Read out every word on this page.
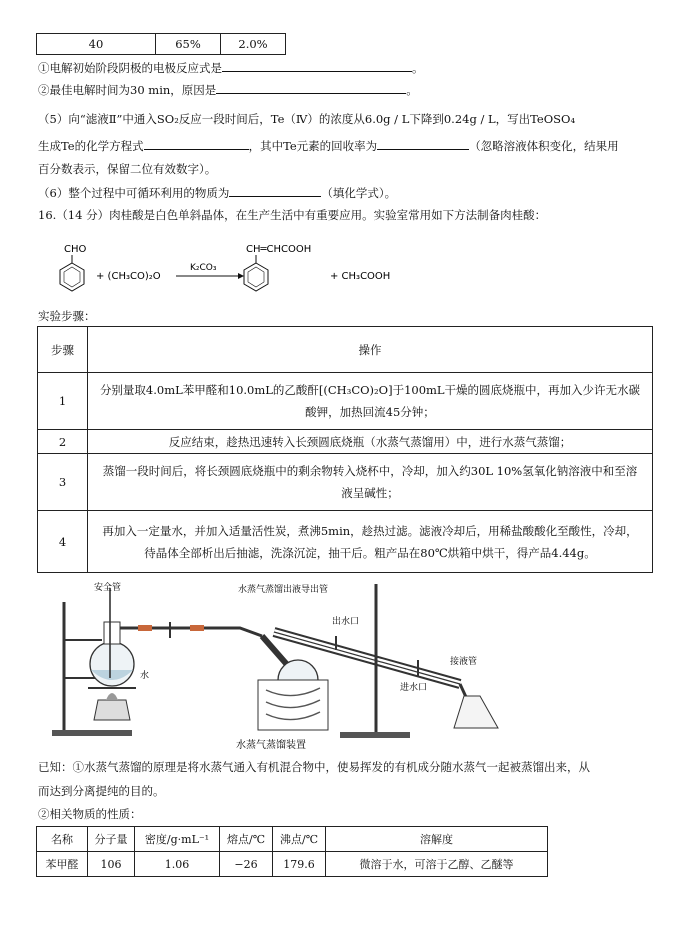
40	65%	2.0%
①电解初始阶段阴极的电极反应式是	。
②最佳电解时间为30 min，原因是	。
（5）向“滤液Ⅱ”中通入SO₂反应一段时间后，Te（Ⅳ）的浓度从6.0g / L下降到0.24g / L，写出TeOSO₄
生成Te的化学方程式	，其中Te元素的回收率为	（忽略溶液体积变化，结果用
百分数表示，保留二位有效数字）。
（6）整个过程中可循环利用的物质为	（填化学式）。
16.（14 分）肉桂酸是白色单斜晶体，在生产生活中有重要应用。实验室常用如下方法制备肉桂酸：
CHO
+ (CH₃CO)₂O
K₂CO₃
CH═CHCOOH
+ CH₃COOH
实验步骤：
步骤	操作
1	分别量取4.0mL苯甲醛和10.0mL的乙酸酐[(CH₃CO)₂O]于100mL干燥的圆底烧瓶中，再加入少许无水碳酸钾，加热回流45分钟；
2	反应结束，趁热迅速转入长颈圆底烧瓶（水蒸气蒸馏用）中，进行水蒸气蒸馏；
3	蒸馏一段时间后，将长颈圆底烧瓶中的剩余物转入烧杯中，冷却，加入约30L 10%氢氧化钠溶液中和至溶液呈碱性；
4	再加入一定量水，并加入适量活性炭，煮沸5min，趁热过滤。滤液冷却后，用稀盐酸酸化至酸性，冷却，待晶体全部析出后抽滤，洗涤沉淀，抽干后。粗产品在80℃烘箱中烘干，得产品4.44g。
安全管
水
水蒸气蒸馏出液导出管
出水口
进水口
接液管
水蒸气蒸馏装置
已知：①水蒸气蒸馏的原理是将水蒸气通入有机混合物中，使易挥发的有机成分随水蒸气一起被蒸馏出来，从
而达到分离提纯的目的。
②相关物质的性质：
名称	分子量	密度/g·mL⁻¹	熔点/℃	沸点/℃	溶解度
苯甲醛	106	1.06	−26	179.6	微溶于水，可溶于乙醇、乙醚等
